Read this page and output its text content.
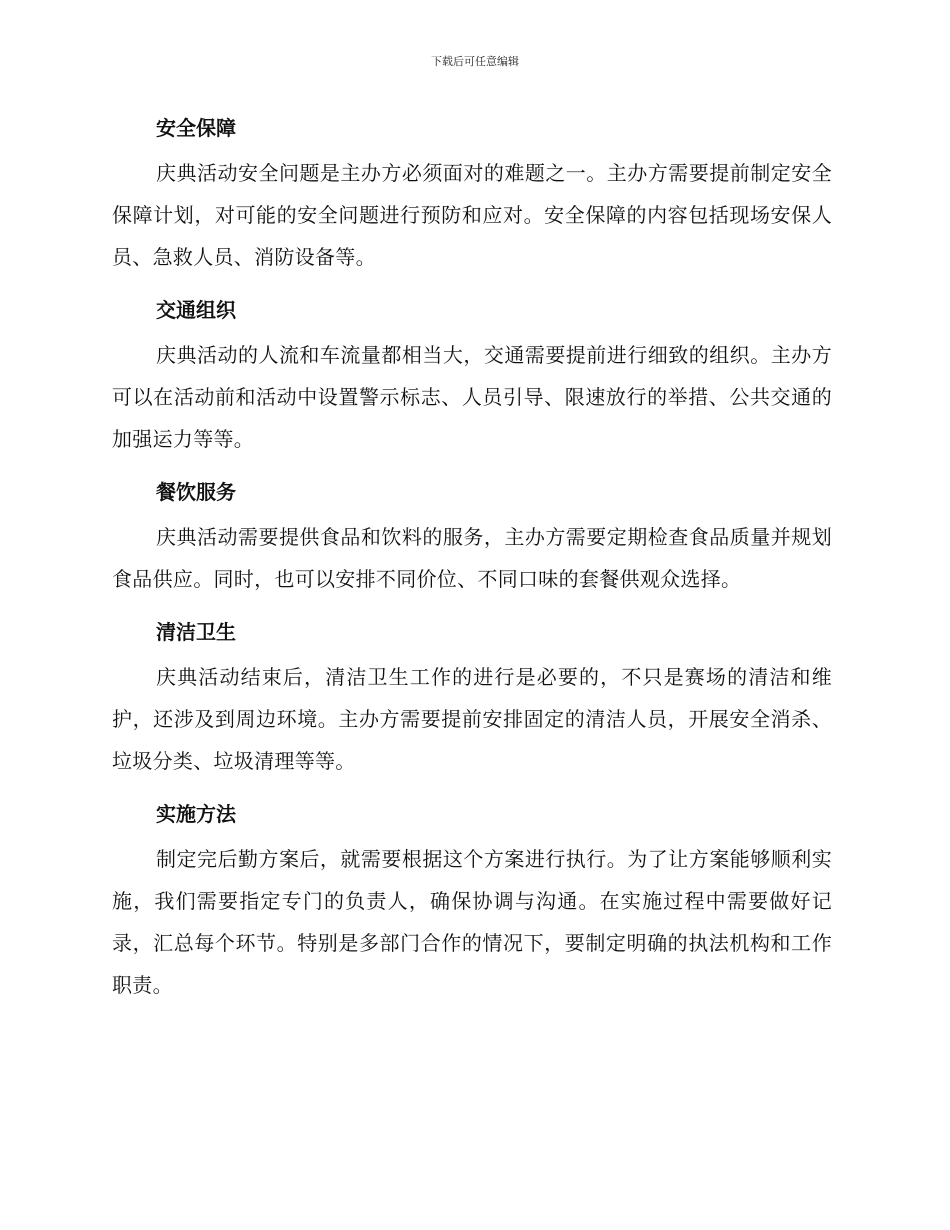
下载后可任意编辑
安全保障

庆典活动安全问题是主办方必须面对的难题之一。主办方需要提前制定安全保障计划，对可能的安全问题进行预防和应对。安全保障的内容包括现场安保人员、急救人员、消防设备等。

交通组织

庆典活动的人流和车流量都相当大，交通需要提前进行细致的组织。主办方可以在活动前和活动中设置警示标志、人员引导、限速放行的举措、公共交通的加强运力等等。

餐饮服务

庆典活动需要提供食品和饮料的服务，主办方需要定期检查食品质量并规划食品供应。同时，也可以安排不同价位、不同口味的套餐供观众选择。

清洁卫生

庆典活动结束后，清洁卫生工作的进行是必要的，不只是赛场的清洁和维护，还涉及到周边环境。主办方需要提前安排固定的清洁人员，开展安全消杀、垃圾分类、垃圾清理等等。

实施方法

制定完后勤方案后，就需要根据这个方案进行执行。为了让方案能够顺利实施，我们需要指定专门的负责人，确保协调与沟通。在实施过程中需要做好记录，汇总每个环节。特别是多部门合作的情况下，要制定明确的执法机构和工作职责。
